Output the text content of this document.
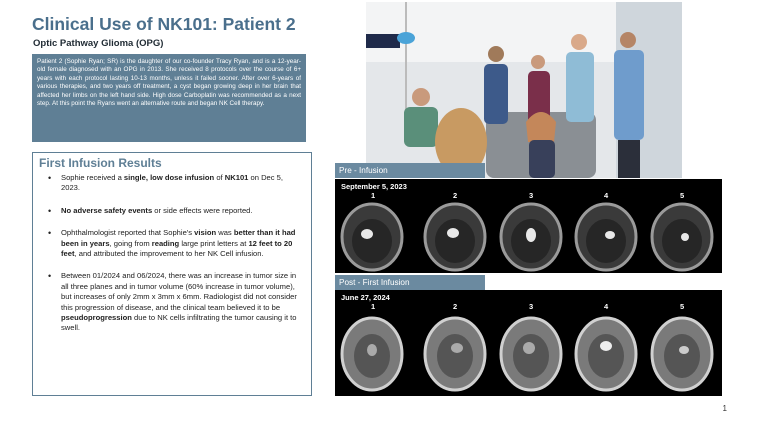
Clinical Use of NK101: Patient 2
Optic Pathway Glioma (OPG)
Patient 2 (Sophie Ryan; SR) is the daughter of our co-founder Tracy Ryan, and is a 12-year-old female diagnosed with an OPG in 2013. She received 8 protocols over the course of 6+ years with each protocol lasting 10-13 months, unless it failed sooner. After over 6-years of various therapies, and two years off treatment, a cyst began growing deep in her brain that affected her limbs on the left hand side. High dose Carboplatin was recommended as a next step. At this point the Ryans went an alternative route and began NK Cell therapy.
First Infusion Results
• Sophie received a single, low dose infusion of NK101 on Dec 5, 2023.
• No adverse safety events or side effects were reported.
• Ophthalmologist reported that Sophie's vision was better than it had been in years, going from reading large print letters at 12 feet to 20 feet, and attributed the improvement to her NK Cell infusion.
• Between 01/2024 and 06/2024, there was an increase in tumor size in all three planes and in tumor volume (60% increase in tumor volume), but increases of only 2mm x 3mm x 6mm. Radiologist did not consider this progression of disease, and the clinical team believed it to be pseudoprogression due to NK cells infiltrating the tumor causing it to swell.
Pre - Infusion
September 5, 2023
1	2	3	4	5
Post - First Infusion
June 27, 2024
1	2	3	4	5
1
